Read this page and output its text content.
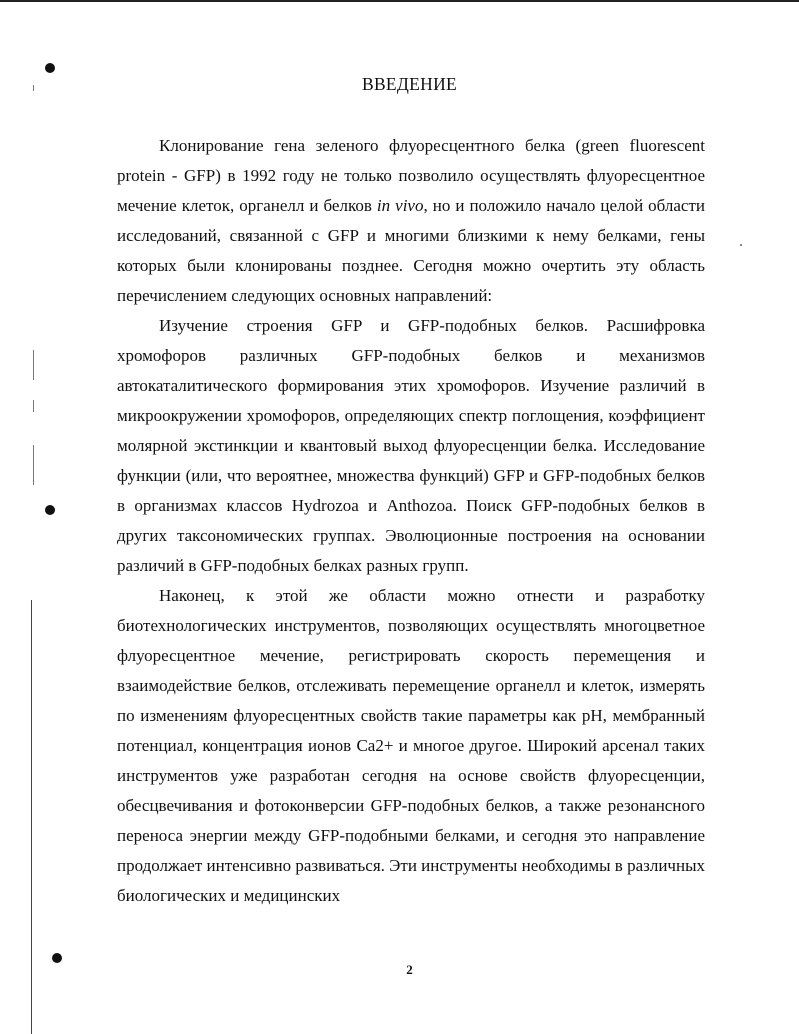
ВВЕДЕНИЕ

Клонирование гена зеленого флуоресцентного белка (green fluorescent protein - GFP) в 1992 году не только позволило осуществлять флуоресцентное мечение клеток, органелл и белков in vivo, но и положило начало целой области исследований, связанной с GFP и многими близкими к нему белками, гены которых были клонированы позднее. Сегодня можно очертить эту область перечислением следующих основных направлений:

Изучение строения GFP и GFP-подобных белков. Расшифровка хромофоров различных GFP-подобных белков и механизмов автокаталитического формирования этих хромофоров. Изучение различий в микроокружении хромофоров, определяющих спектр поглощения, коэффициент молярной экстинкции и квантовый выход флуоресценции белка. Исследование функции (или, что вероятнее, множества функций) GFP и GFP-подобных белков в организмах классов Hydrozoa и Anthozoa. Поиск GFP-подобных белков в других таксономических группах. Эволюционные построения на основании различий в GFP-подобных белках разных групп.

Наконец, к этой же области можно отнести и разработку биотехнологических инструментов, позволяющих осуществлять многоцветное флуоресцентное мечение, регистрировать скорость перемещения и взаимодействие белков, отслеживать перемещение органелл и клеток, измерять по изменениям флуоресцентных свойств такие параметры как pH, мембранный потенциал, концентрация ионов Ca2+ и многое другое. Широкий арсенал таких инструментов уже разработан сегодня на основе свойств флуоресценции, обесцвечивания и фотоконверсии GFP-подобных белков, а также резонансного переноса энергии между GFP-подобными белками, и сегодня это направление продолжает интенсивно развиваться. Эти инструменты необходимы в различных биологических и медицинских

2
